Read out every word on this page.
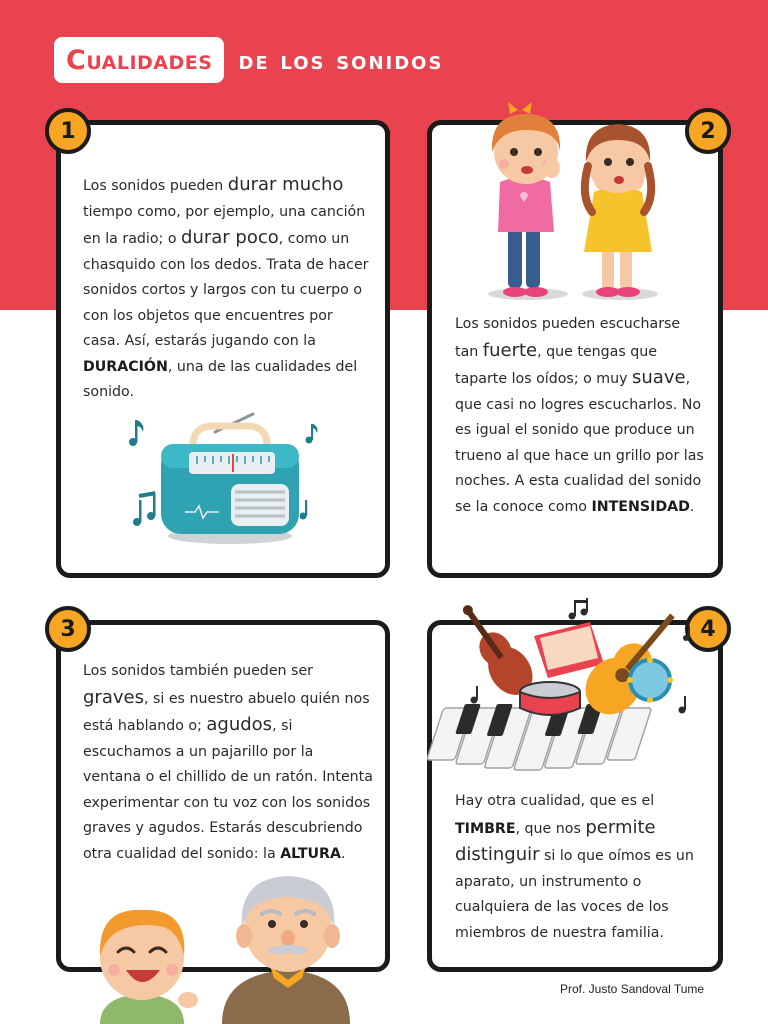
Cualidades de los sonidos
1
Los sonidos pueden durar mucho tiempo como, por ejemplo, una canción en la radio; o durar poco, como un chasquido con los dedos. Trata de hacer sonidos cortos y largos con tu cuerpo o con los objetos que encuentres por casa. Así, estarás jugando con la DURACIÓN, una de las cualidades del sonido.
2
Los sonidos pueden escucharse tan fuerte, que tengas que taparte los oídos; o muy suave, que casi no logres escucharlos. No es igual el sonido que produce un trueno al que hace un grillo por las noches. A esta cualidad del sonido se la conoce como INTENSIDAD.
3
Los sonidos también pueden ser graves, si es nuestro abuelo quién nos está hablando o; agudos, si escuchamos a un pajarillo por la ventana o el chillido de un ratón. Intenta experimentar con tu voz con los sonidos graves y agudos. Estarás descubriendo otra cualidad del sonido: la ALTURA.
4
Hay otra cualidad, que es el TIMBRE, que nos permite distinguir si lo que oímos es un aparato, un instrumento o cualquiera de las voces de los miembros de nuestra familia.
Prof. Justo Sandoval Tume
